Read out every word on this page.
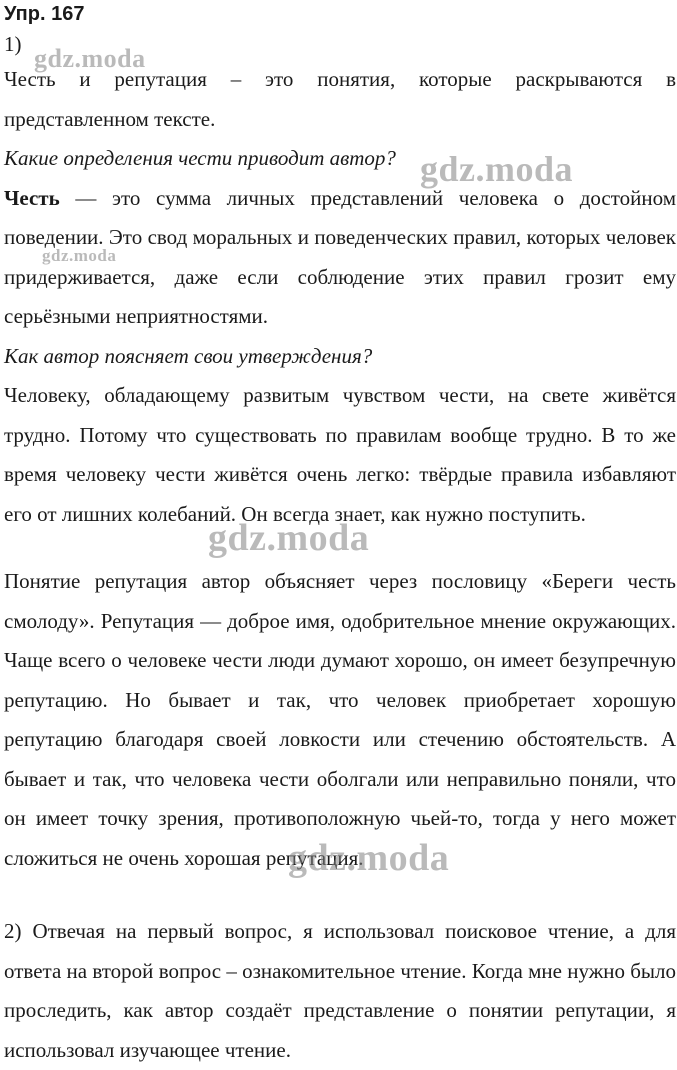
Упр. 167
1)

Честь и репутация – это понятия, которые раскрываются в представленном тексте.

Какие определения чести приводит автор?

Честь — это сумма личных представлений человека о достойном поведении. Это свод моральных и поведенческих правил, которых человек придерживается, даже если соблюдение этих правил грозит ему серьёзными неприятностями.

Как автор поясняет свои утверждения?

Человеку, обладающему развитым чувством чести, на свете живётся трудно. Потому что существовать по правилам вообще трудно. В то же время человеку чести живётся очень легко: твёрдые правила избавляют его от лишних колебаний. Он всегда знает, как нужно поступить.

Понятие репутация автор объясняет через пословицу «Береги честь смолоду». Репутация — доброе имя, одобрительное мнение окружающих. Чаще всего о человеке чести люди думают хорошо, он имеет безупречную репутацию. Но бывает и так, что человек приобретает хорошую репутацию благодаря своей ловкости или стечению обстоятельств. А бывает и так, что человека чести оболгали или неправильно поняли, что он имеет точку зрения, противоположную чьей-то, тогда у него может сложиться не очень хорошая репутация.

2) Отвечая на первый вопрос, я использовал поисковое чтение, а для ответа на второй вопрос – ознакомительное чтение. Когда мне нужно было проследить, как автор создаёт представление о понятии репутации, я использовал изучающее чтение.

gdz.moda
gdz.moda
gdz.moda
gdz.moda
gdz.moda
